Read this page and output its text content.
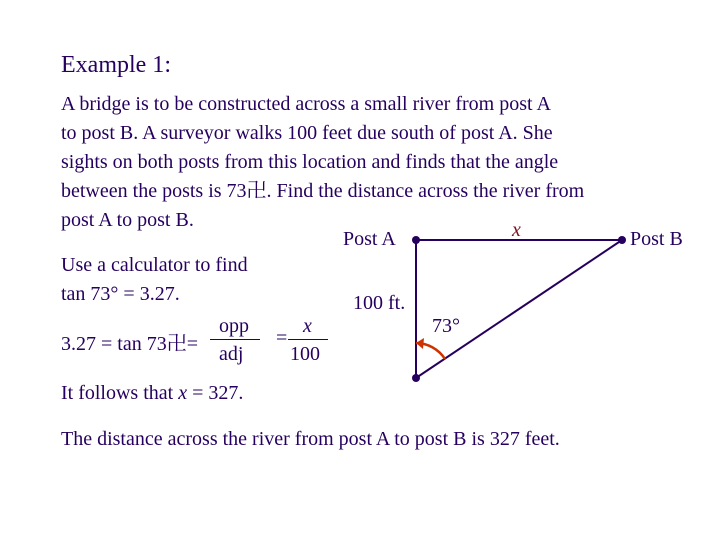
Example 1:
A bridge is to be constructed across a small river from post A
to post B. A surveyor walks 100 feet due south of post A. She
sights on both posts from this location and finds that the angle
between the posts is 73卍. Find the distance across the river from
post A to post B.
Use a calculator to find
tan 73° = 3.27.
3.27 = tan 73卍=
opp
adj
=
x
100
It follows that x = 327.
Post A	Post B
x
100 ft.
73°
The distance across the river from post A to post B is 327 feet.
